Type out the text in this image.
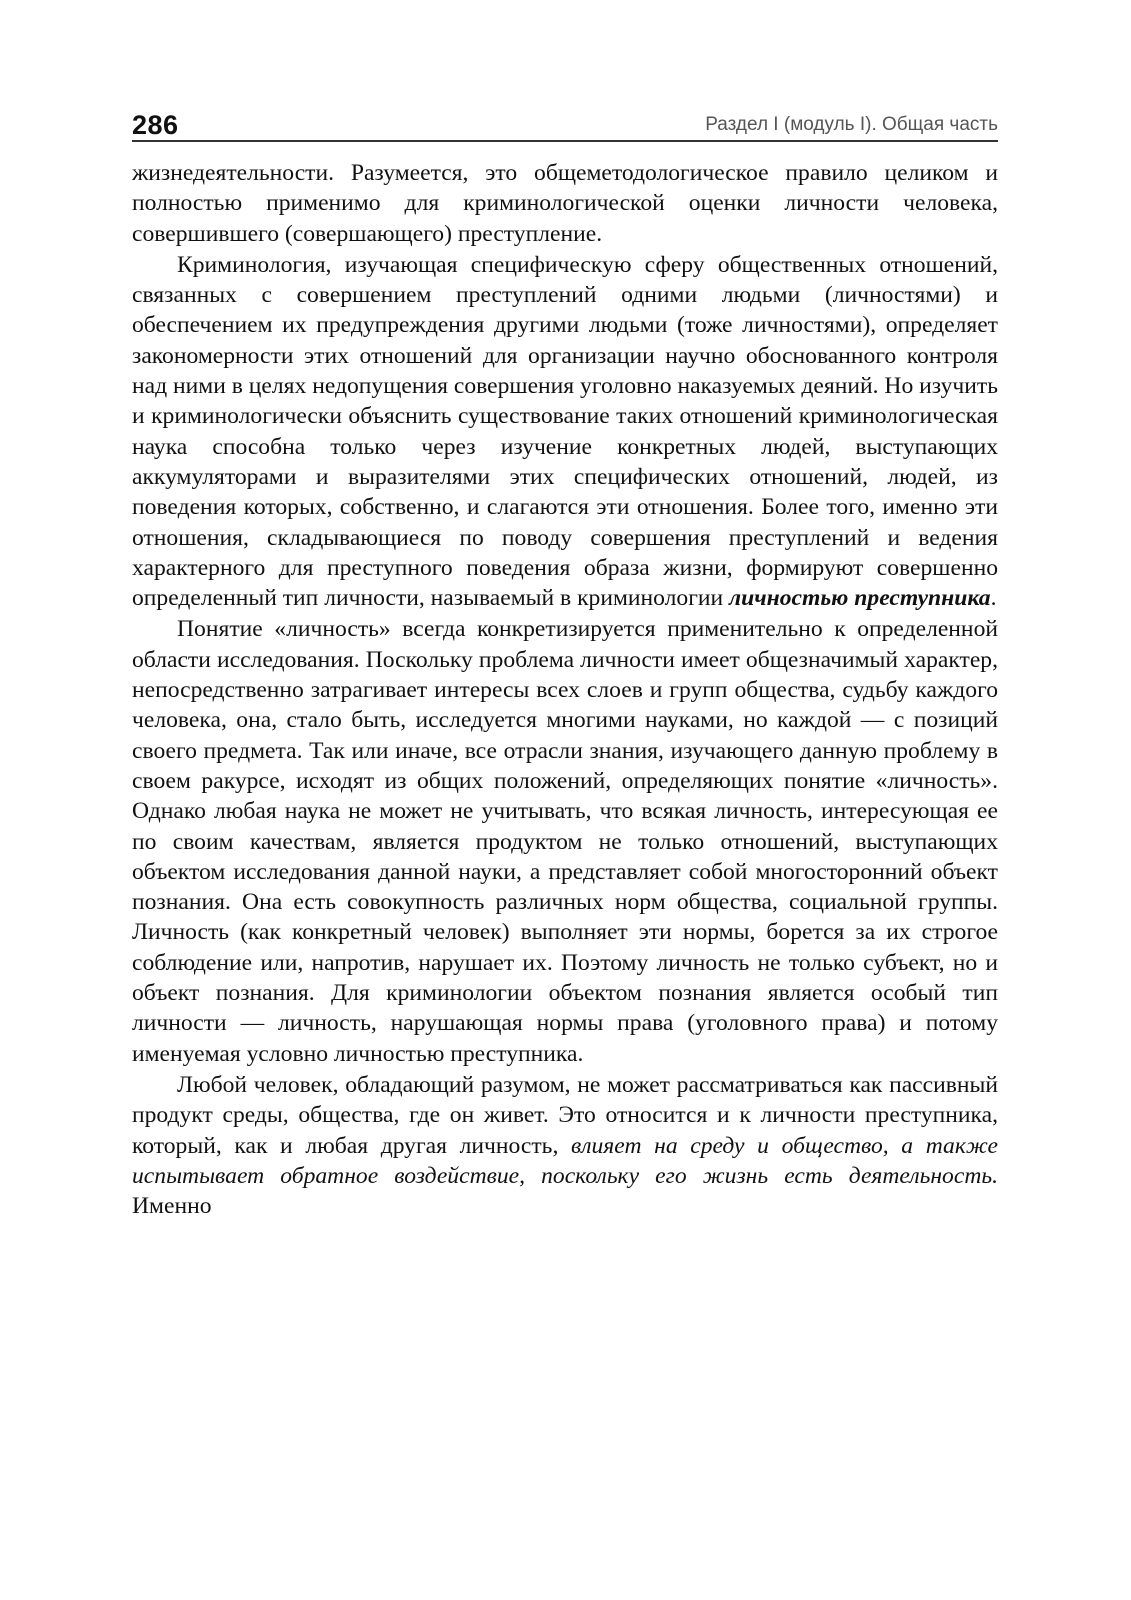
286	Раздел I (модуль I). Общая часть

жизнедеятельности. Разумеется, это общеметодологическое правило целиком и полностью применимо для криминологической оценки личности человека, совершившего (совершающего) преступление.

Криминология, изучающая специфическую сферу общественных отношений, связанных с совершением преступлений одними людьми (личностями) и обеспечением их предупреждения другими людьми (тоже личностями), определяет закономерности этих отношений для организации научно обоснованного контроля над ними в целях недопущения совершения уголовно наказуемых деяний. Но изучить и криминологически объяснить существование таких отношений криминологическая наука способна только через изучение конкретных людей, выступающих аккумуляторами и выразителями этих специфических отношений, людей, из поведения которых, собственно, и слагаются эти отношения. Более того, именно эти отношения, складывающиеся по поводу совершения преступлений и ведения характерного для преступного поведения образа жизни, формируют совершенно определенный тип личности, называемый в криминологии личностью преступника.

Понятие «личность» всегда конкретизируется применительно к определенной области исследования. Поскольку проблема личности имеет общезначимый характер, непосредственно затрагивает интересы всех слоев и групп общества, судьбу каждого человека, она, стало быть, исследуется многими науками, но каждой — с позиций своего предмета. Так или иначе, все отрасли знания, изучающего данную проблему в своем ракурсе, исходят из общих положений, определяющих понятие «личность». Однако любая наука не может не учитывать, что всякая личность, интересующая ее по своим качествам, является продуктом не только отношений, выступающих объектом исследования данной науки, а представляет собой многосторонний объект познания. Она есть совокупность различных норм общества, социальной группы. Личность (как конкретный человек) выполняет эти нормы, борется за их строгое соблюдение или, напротив, нарушает их. Поэтому личность не только субъект, но и объект познания. Для криминологии объектом познания является особый тип личности — личность, нарушающая нормы права (уголовного права) и потому именуемая условно личностью преступника.

Любой человек, обладающий разумом, не может рассматриваться как пассивный продукт среды, общества, где он живет. Это относится и к личности преступника, который, как и любая другая личность, влияет на среду и общество, а также испытывает обратное воздействие, поскольку его жизнь есть деятельность. Именно
